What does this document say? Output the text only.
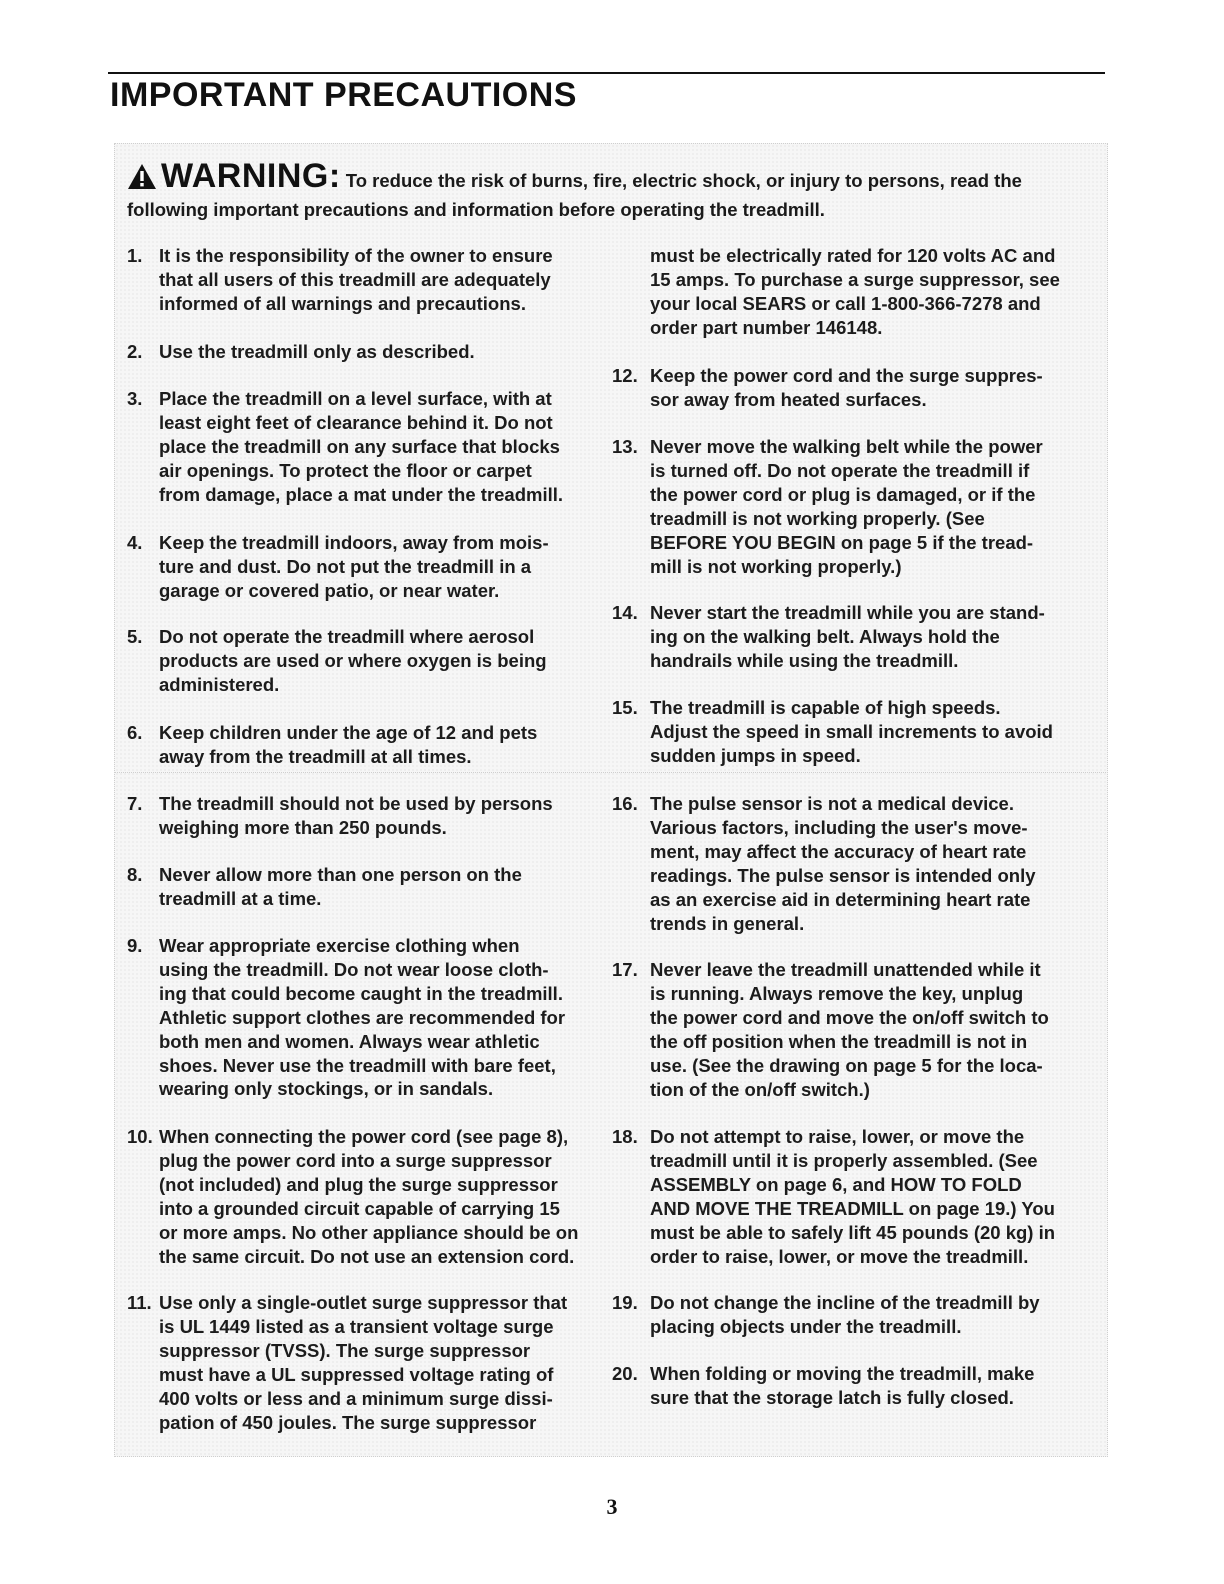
IMPORTANT PRECAUTIONS
WARNING: To reduce the risk of burns, fire, electric shock, or injury to persons, read the following important precautions and information before operating the treadmill.
1. It is the responsibility of the owner to ensure
that all users of this treadmill are adequately
informed of all warnings and precautions.
2. Use the treadmill only as described.
3. Place the treadmill on a level surface, with at
least eight feet of clearance behind it. Do not
place the treadmill on any surface that blocks
air openings. To protect the floor or carpet
from damage, place a mat under the treadmill.
4. Keep the treadmill indoors, away from mois-
ture and dust. Do not put the treadmill in a
garage or covered patio, or near water.
5. Do not operate the treadmill where aerosol
products are used or where oxygen is being
administered.
6. Keep children under the age of 12 and pets
away from the treadmill at all times.
7. The treadmill should not be used by persons
weighing more than 250 pounds.
8. Never allow more than one person on the
treadmill at a time.
9. Wear appropriate exercise clothing when
using the treadmill. Do not wear loose cloth-
ing that could become caught in the treadmill.
Athletic support clothes are recommended for
both men and women. Always wear athletic
shoes. Never use the treadmill with bare feet,
wearing only stockings, or in sandals.
10. When connecting the power cord (see page 8),
plug the power cord into a surge suppressor
(not included) and plug the surge suppressor
into a grounded circuit capable of carrying 15
or more amps. No other appliance should be on
the same circuit. Do not use an extension cord.
11. Use only a single-outlet surge suppressor that
is UL 1449 listed as a transient voltage surge
suppressor (TVSS). The surge suppressor
must have a UL suppressed voltage rating of
400 volts or less and a minimum surge dissi-
pation of 450 joules. The surge suppressor
must be electrically rated for 120 volts AC and
15 amps. To purchase a surge suppressor, see
your local SEARS or call 1-800-366-7278 and
order part number 146148.
12. Keep the power cord and the surge suppres-
sor away from heated surfaces.
13. Never move the walking belt while the power
is turned off. Do not operate the treadmill if
the power cord or plug is damaged, or if the
treadmill is not working properly. (See
BEFORE YOU BEGIN on page 5 if the tread-
mill is not working properly.)
14. Never start the treadmill while you are stand-
ing on the walking belt. Always hold the
handrails while using the treadmill.
15. The treadmill is capable of high speeds.
Adjust the speed in small increments to avoid
sudden jumps in speed.
16. The pulse sensor is not a medical device.
Various factors, including the user's move-
ment, may affect the accuracy of heart rate
readings. The pulse sensor is intended only
as an exercise aid in determining heart rate
trends in general.
17. Never leave the treadmill unattended while it
is running. Always remove the key, unplug
the power cord and move the on/off switch to
the off position when the treadmill is not in
use. (See the drawing on page 5 for the loca-
tion of the on/off switch.)
18. Do not attempt to raise, lower, or move the
treadmill until it is properly assembled. (See
ASSEMBLY on page 6, and HOW TO FOLD
AND MOVE THE TREADMILL on page 19.) You
must be able to safely lift 45 pounds (20 kg) in
order to raise, lower, or move the treadmill.
19. Do not change the incline of the treadmill by
placing objects under the treadmill.
20. When folding or moving the treadmill, make
sure that the storage latch is fully closed.
3
